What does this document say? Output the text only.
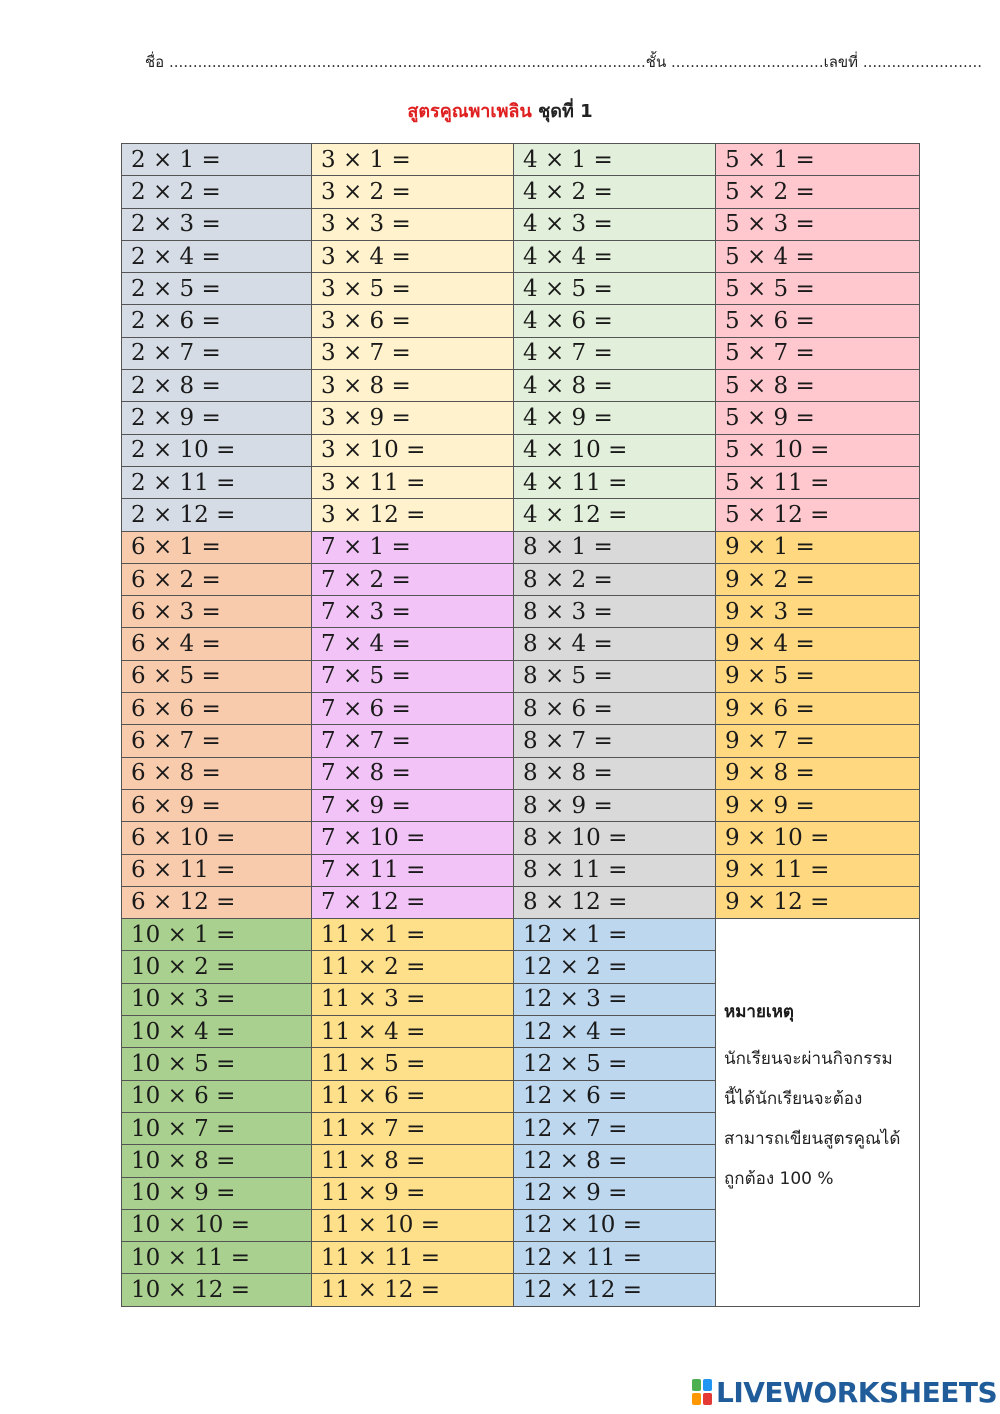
ชื่อ
.................................................................................................... ชั้น
................................ เลขที่
.........................
สูตรคูณพาเพลิน ชุดที่ 1
2 × 1 =	3 × 1 =	4 × 1 =	5 × 1 =
2 × 2 =	3 × 2 =	4 × 2 =	5 × 2 =
2 × 3 =	3 × 3 =	4 × 3 =	5 × 3 =
2 × 4 =	3 × 4 =	4 × 4 =	5 × 4 =
2 × 5 =	3 × 5 =	4 × 5 =	5 × 5 =
2 × 6 =	3 × 6 =	4 × 6 =	5 × 6 =
2 × 7 =	3 × 7 =	4 × 7 =	5 × 7 =
2 × 8 =	3 × 8 =	4 × 8 =	5 × 8 =
2 × 9 =	3 × 9 =	4 × 9 =	5 × 9 =
2 × 10 =	3 × 10 =	4 × 10 =	5 × 10 =
2 × 11 =	3 × 11 =	4 × 11 =	5 × 11 =
2 × 12 =	3 × 12 =	4 × 12 =	5 × 12 =
6 × 1 =	7 × 1 =	8 × 1 =	9 × 1 =
6 × 2 =	7 × 2 =	8 × 2 =	9 × 2 =
6 × 3 =	7 × 3 =	8 × 3 =	9 × 3 =
6 × 4 =	7 × 4 =	8 × 4 =	9 × 4 =
6 × 5 =	7 × 5 =	8 × 5 =	9 × 5 =
6 × 6 =	7 × 6 =	8 × 6 =	9 × 6 =
6 × 7 =	7 × 7 =	8 × 7 =	9 × 7 =
6 × 8 =	7 × 8 =	8 × 8 =	9 × 8 =
6 × 9 =	7 × 9 =	8 × 9 =	9 × 9 =
6 × 10 =	7 × 10 =	8 × 10 =	9 × 10 =
6 × 11 =	7 × 11 =	8 × 11 =	9 × 11 =
6 × 12 =	7 × 12 =	8 × 12 =	9 × 12 =
10 × 1 =	11 × 1 =	12 × 1 =	หมายเหตุ
นักเรียนจะผ่านกิจกรรม
นี้ได้นักเรียนจะต้อง
สามารถเขียนสูตรคูณได้
ถูกต้อง 100 %

10 × 2 =	11 × 2 =	12 × 2 =	
10 × 3 =	11 × 3 =	12 × 3 =	
10 × 4 =	11 × 4 =	12 × 4 =	
10 × 5 =	11 × 5 =	12 × 5 =	
10 × 6 =	11 × 6 =	12 × 6 =	
10 × 7 =	11 × 7 =	12 × 7 =	
10 × 8 =	11 × 8 =	12 × 8 =	
10 × 9 =	11 × 9 =	12 × 9 =	
10 × 10 =	11 × 10 =	12 × 10 =	
10 × 11 =	11 × 11 =	12 × 11 =	
10 × 12 =	11 × 12 =	12 × 12 =	
LIVEWORKSHEETS
